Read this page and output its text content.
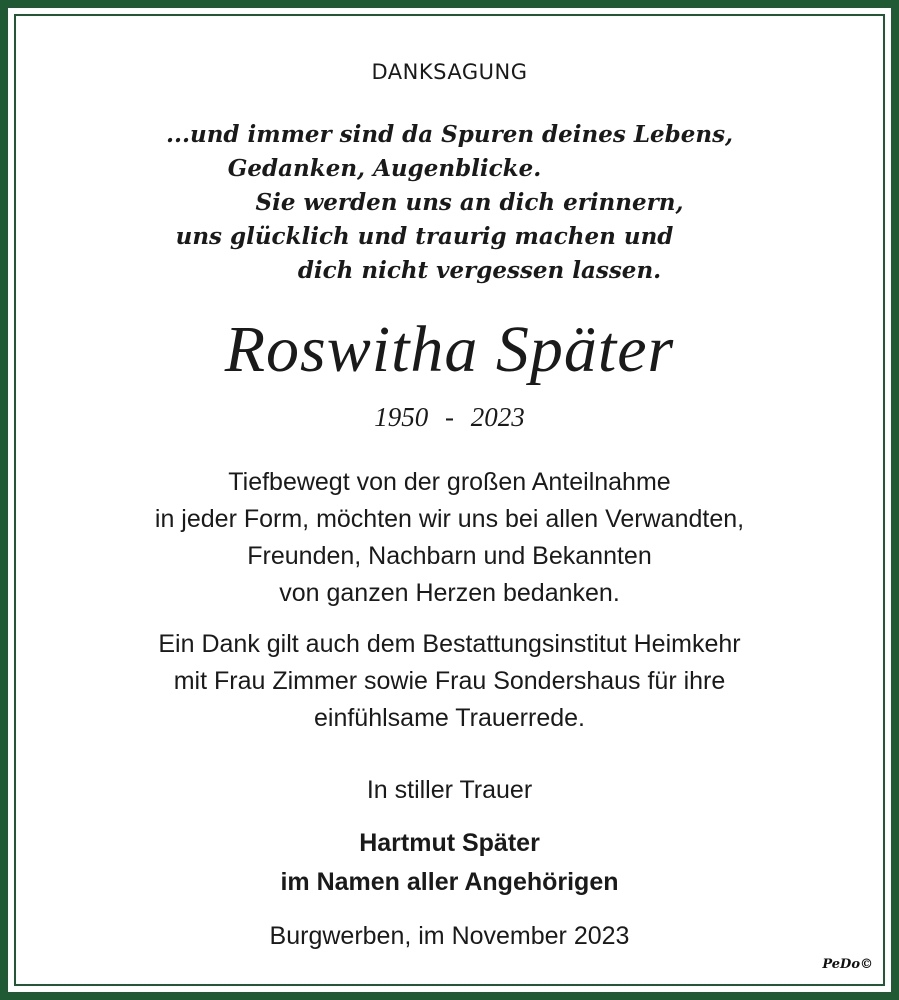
DANKSAGUNG
...und immer sind da Spuren deines Lebens,
Gedanken, Augenblicke.
Sie werden uns an dich erinnern,
uns glücklich und traurig machen und
dich nicht vergessen lassen.
Roswitha Später
1950 - 2023
Tiefbewegt von der großen Anteilnahme
in jeder Form, möchten wir uns bei allen Verwandten,
Freunden, Nachbarn und Bekannten
von ganzen Herzen bedanken.
Ein Dank gilt auch dem Bestattungsinstitut Heimkehr
mit Frau Zimmer sowie Frau Sondershaus für ihre
einfühlsame Trauerrede.
In stiller Trauer
Hartmut Später
im Namen aller Angehörigen
Burgwerben, im November 2023
PeDo©
